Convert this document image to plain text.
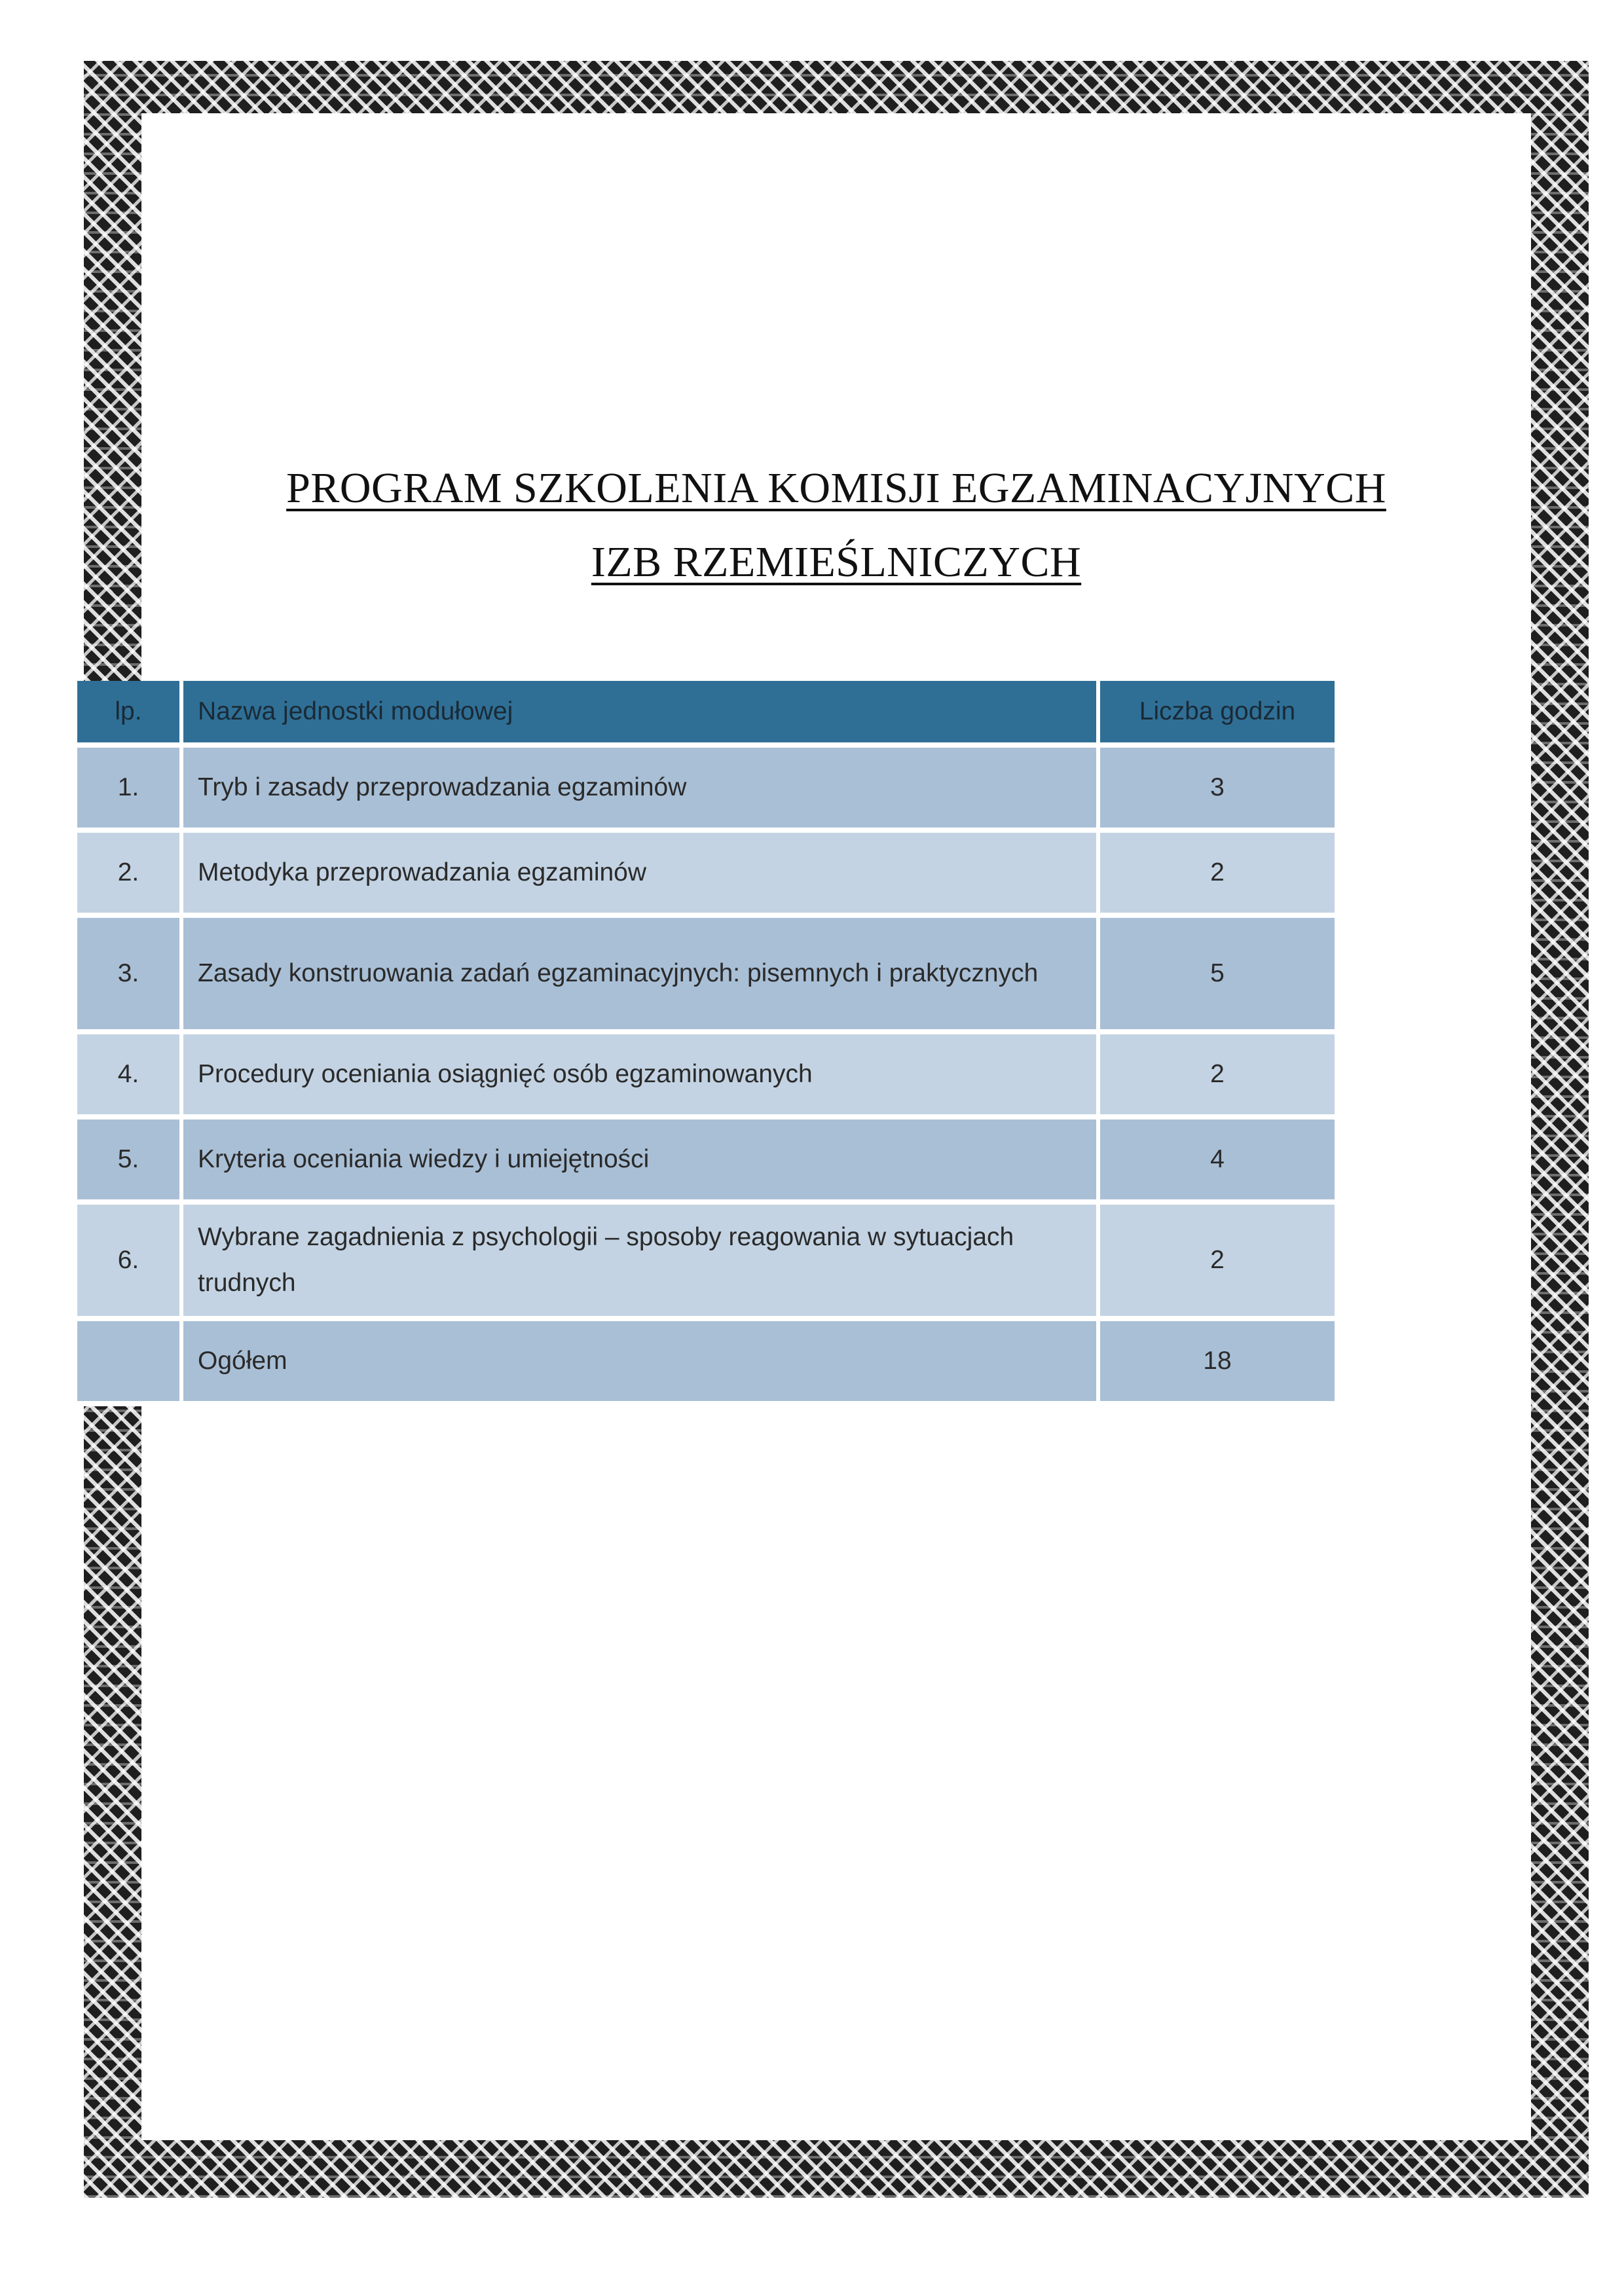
PROGRAM SZKOLENIA KOMISJI EGZAMINACYJNYCH
IZB RZEMIEŚLNICZYCH
lp.	Nazwa jednostki modułowej	Liczba godzin
1.	Tryb i zasady przeprowadzania egzaminów	3
2.	Metodyka przeprowadzania egzaminów	2
3.	Zasady konstruowania zadań egzaminacyjnych: pisemnych i praktycznych	5
4.	Procedury oceniania osiągnięć osób egzaminowanych	2
5.	Kryteria oceniania wiedzy i umiejętności	4
6.	Wybrane zagadnienia z psychologii – sposoby reagowania w sytuacjach trudnych	2
	Ogółem	18
